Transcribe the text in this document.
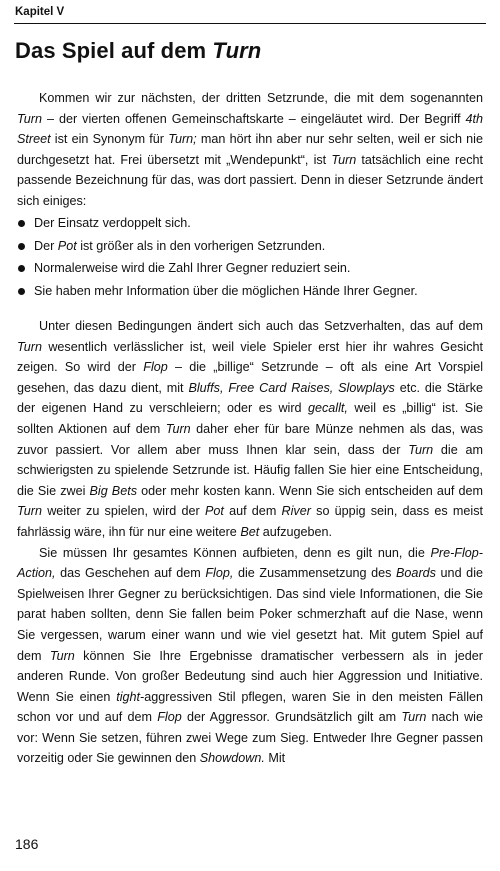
Kapitel V
Das Spiel auf dem Turn

Kommen wir zur nächsten, der dritten Setzrunde, die mit dem sogenannten Turn – der vierten offenen Gemeinschaftskarte – eingeläutet wird. Der Begriff 4th Street ist ein Synonym für Turn; man hört ihn aber nur sehr selten, weil er sich nie durchgesetzt hat. Frei übersetzt mit „Wendepunkt“, ist Turn tatsächlich eine recht passende Bezeichnung für das, was dort passiert. Denn in dieser Setzrunde ändert sich einiges:

Der Einsatz verdoppelt sich.
Der Pot ist größer als in den vorherigen Setzrunden.
Normalerweise wird die Zahl Ihrer Gegner reduziert sein.
Sie haben mehr Information über die möglichen Hände Ihrer Gegner.

Unter diesen Bedingungen ändert sich auch das Setzverhalten, das auf dem Turn wesentlich verlässlicher ist, weil viele Spieler erst hier ihr wahres Gesicht zeigen. So wird der Flop – die „billige“ Setzrunde – oft als eine Art Vorspiel gesehen, das dazu dient, mit Bluffs, Free Card Raises, Slowplays etc. die Stärke der eigenen Hand zu verschleiern; oder es wird gecallt, weil es „billig“ ist. Sie sollten Aktionen auf dem Turn daher eher für bare Münze nehmen als das, was zuvor passiert. Vor allem aber muss Ihnen klar sein, dass der Turn die am schwierigsten zu spielende Setzrunde ist. Häufig fallen Sie hier eine Entscheidung, die Sie zwei Big Bets oder mehr kosten kann. Wenn Sie sich entscheiden auf dem Turn weiter zu spielen, wird der Pot auf dem River so üppig sein, dass es meist fahrlässig wäre, ihn für nur eine weitere Bet aufzugeben.

Sie müssen Ihr gesamtes Können aufbieten, denn es gilt nun, die Pre-Flop-Action, das Geschehen auf dem Flop, die Zusammensetzung des Boards und die Spielweisen Ihrer Gegner zu berücksichtigen. Das sind viele Informationen, die Sie parat haben sollten, denn Sie fallen beim Poker schmerzhaft auf die Nase, wenn Sie vergessen, warum einer wann und wie viel gesetzt hat. Mit gutem Spiel auf dem Turn können Sie Ihre Ergebnisse dramatischer verbessern als in jeder anderen Runde. Von großer Bedeutung sind auch hier Aggression und Initiative. Wenn Sie einen tight-aggressiven Stil pflegen, waren Sie in den meisten Fällen schon vor und auf dem Flop der Aggressor. Grundsätzlich gilt am Turn nach wie vor: Wenn Sie setzen, führen zwei Wege zum Sieg. Entweder Ihre Gegner passen vorzeitig oder Sie gewinnen den Showdown. Mit

186
